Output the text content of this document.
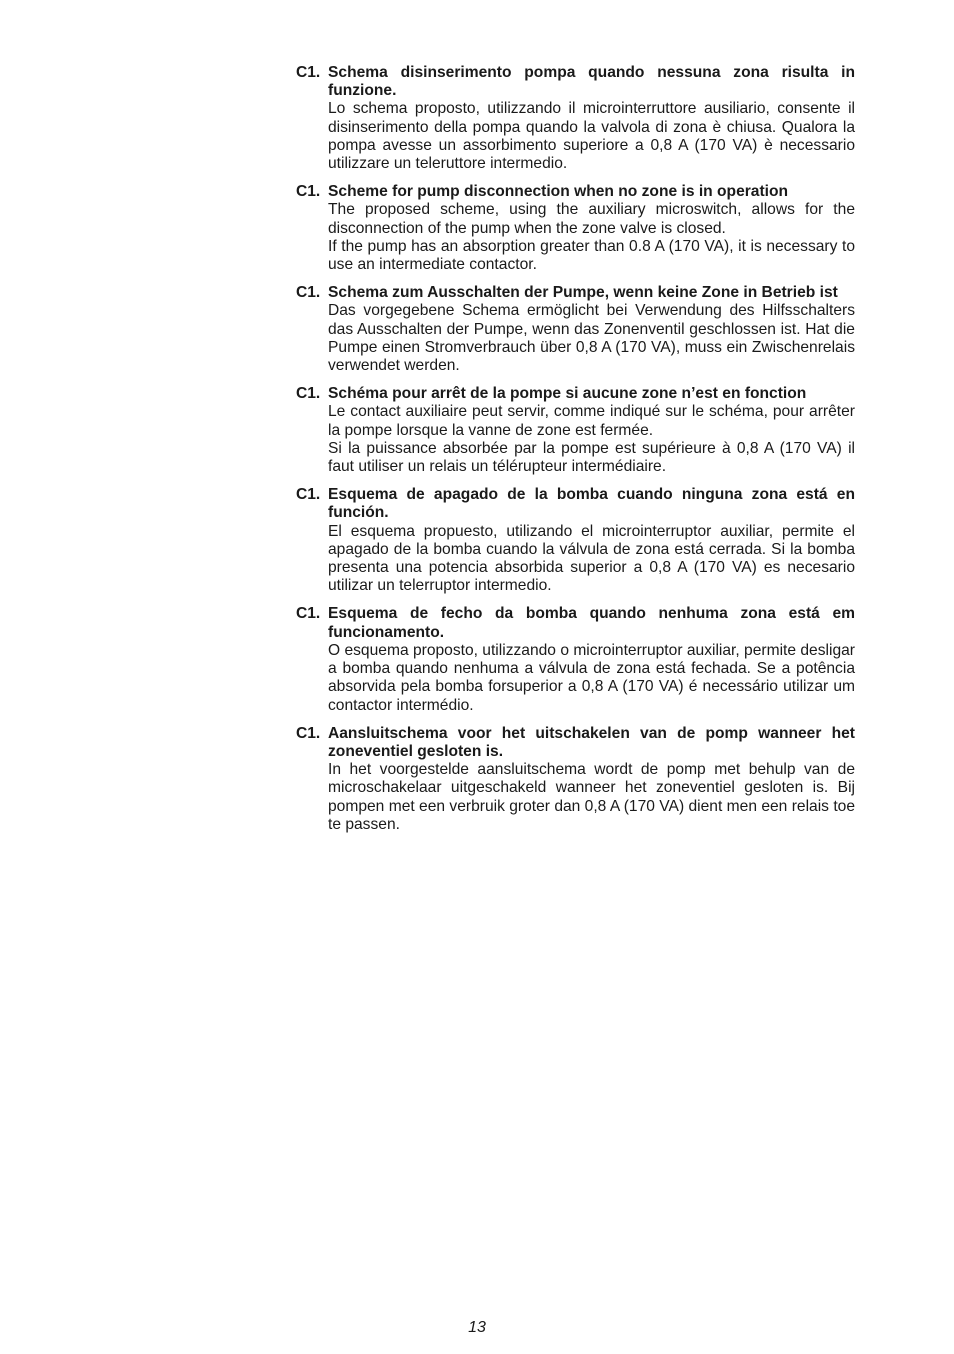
C1. Schema disinserimento pompa quando nessuna zona risulta in funzione.
Lo schema proposto, utilizzando il microinterruttore ausiliario, consente il disinserimento della pompa quando la valvola di zona è chiusa. Qualora la pompa avesse un assorbimento superiore a 0,8 A (170 VA) è necessario utilizzare un teleruttore intermedio.
C1. Scheme for pump disconnection when no zone is in operation
The proposed scheme, using the auxiliary microswitch, allows for the disconnection of the pump when the zone valve is closed.
If the pump has an absorption greater than 0.8 A (170 VA), it is necessary to use an intermediate contactor.
C1. Schema zum Ausschalten der Pumpe, wenn keine Zone in Betrieb ist
Das vorgegebene Schema ermöglicht bei Verwendung des Hilfsschalters das Ausschalten der Pumpe, wenn das Zonenventil geschlossen ist. Hat die Pumpe einen Stromverbrauch über 0,8 A (170 VA), muss ein Zwischenrelais verwendet werden.
C1. Schéma pour arrêt de la pompe si aucune zone n’est en fonction
Le contact auxiliaire peut servir, comme indiqué sur le schéma, pour arrêter la pompe lorsque la vanne de zone est fermée.
Si la puissance absorbée par la pompe est supérieure à 0,8 A (170 VA) il faut utiliser un relais un télérupteur intermédiaire.
C1. Esquema de apagado de la bomba cuando ninguna zona está en función.
El esquema propuesto, utilizando el microinterruptor auxiliar, permite el apagado de la bomba cuando la válvula de zona está cerrada. Si la bomba presenta una potencia absorbida superior a 0,8 A (170 VA) es necesario utilizar un telerruptor intermedio.
C1. Esquema de fecho da bomba quando nenhuma zona está em funcionamento.
O esquema proposto, utilizzando o microinterruptor auxiliar, permite desligar a bomba quando nenhuma a válvula de zona está fechada. Se a potência absorvida pela bomba forsuperior a 0,8 A (170 VA) é necessário utilizar um contactor intermédio.
C1. Aansluitschema voor het uitschakelen van de pomp wanneer het zoneventiel gesloten is.
In het voorgestelde aansluitschema wordt de pomp met behulp van de microschakelaar uitgeschakeld wanneer het zoneventiel gesloten is. Bij pompen met een verbruik groter dan 0,8 A (170 VA) dient men een relais toe te passen.
13
